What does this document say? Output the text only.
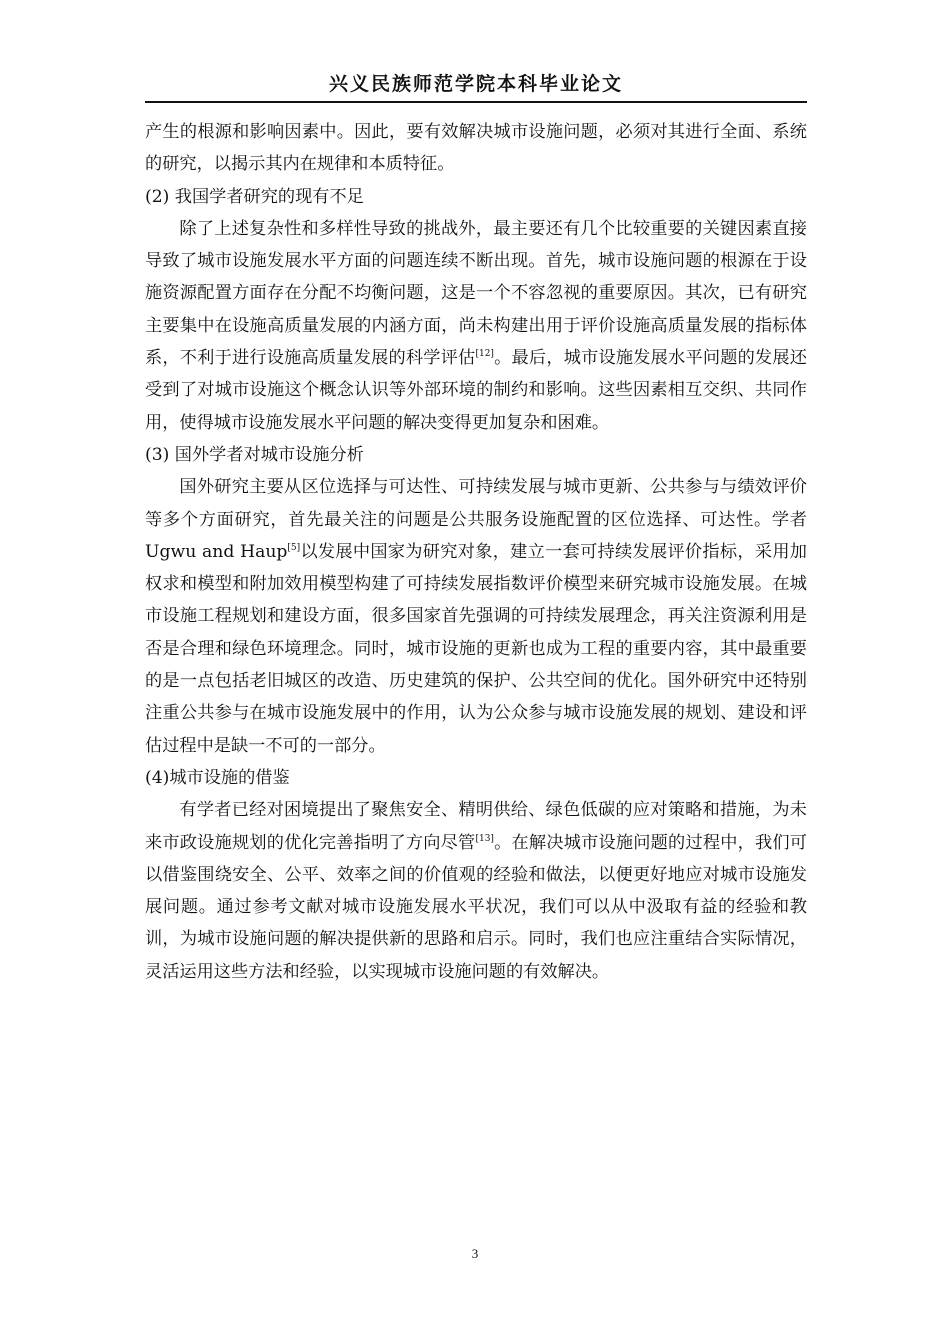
兴义民族师范学院本科毕业论文

产生的根源和影响因素中。因此，要有效解决城市设施问题，必须对其进行全面、系统的研究，以揭示其内在规律和本质特征。

(2) 我国学者研究的现有不足

除了上述复杂性和多样性导致的挑战外，最主要还有几个比较重要的关键因素直接导致了城市设施发展水平方面的问题连续不断出现。首先，城市设施问题的根源在于设施资源配置方面存在分配不均衡问题，这是一个不容忽视的重要原因。其次，已有研究主要集中在设施高质量发展的内涵方面，尚未构建出用于评价设施高质量发展的指标体系，不利于进行设施高质量发展的科学评估[12]。最后，城市设施发展水平问题的发展还受到了对城市设施这个概念认识等外部环境的制约和影响。这些因素相互交织、共同作用，使得城市设施发展水平问题的解决变得更加复杂和困难。

(3) 国外学者对城市设施分析

国外研究主要从区位选择与可达性、可持续发展与城市更新、公共参与与绩效评价等多个方面研究，首先最关注的问题是公共服务设施配置的区位选择、可达性。学者 Ugwu and Haup[5]以发展中国家为研究对象，建立一套可持续发展评价指标，采用加权求和模型和附加效用模型构建了可持续发展指数评价模型来研究城市设施发展。在城市设施工程规划和建设方面，很多国家首先强调的可持续发展理念，再关注资源利用是否是合理和绿色环境理念。同时，城市设施的更新也成为工程的重要内容，其中最重要的是一点包括老旧城区的改造、历史建筑的保护、公共空间的优化。国外研究中还特别注重公共参与在城市设施发展中的作用，认为公众参与城市设施发展的规划、建设和评估过程中是缺一不可的一部分。

(4)城市设施的借鉴

有学者已经对困境提出了聚焦安全、精明供给、绿色低碳的应对策略和措施，为未来市政设施规划的优化完善指明了方向尽管[13]。在解决城市设施问题的过程中，我们可以借鉴围绕安全、公平、效率之间的价值观的经验和做法，以便更好地应对城市设施发展问题。通过参考文献对城市设施发展水平状况，我们可以从中汲取有益的经验和教训，为城市设施问题的解决提供新的思路和启示。同时，我们也应注重结合实际情况，灵活运用这些方法和经验，以实现城市设施问题的有效解决。

3
